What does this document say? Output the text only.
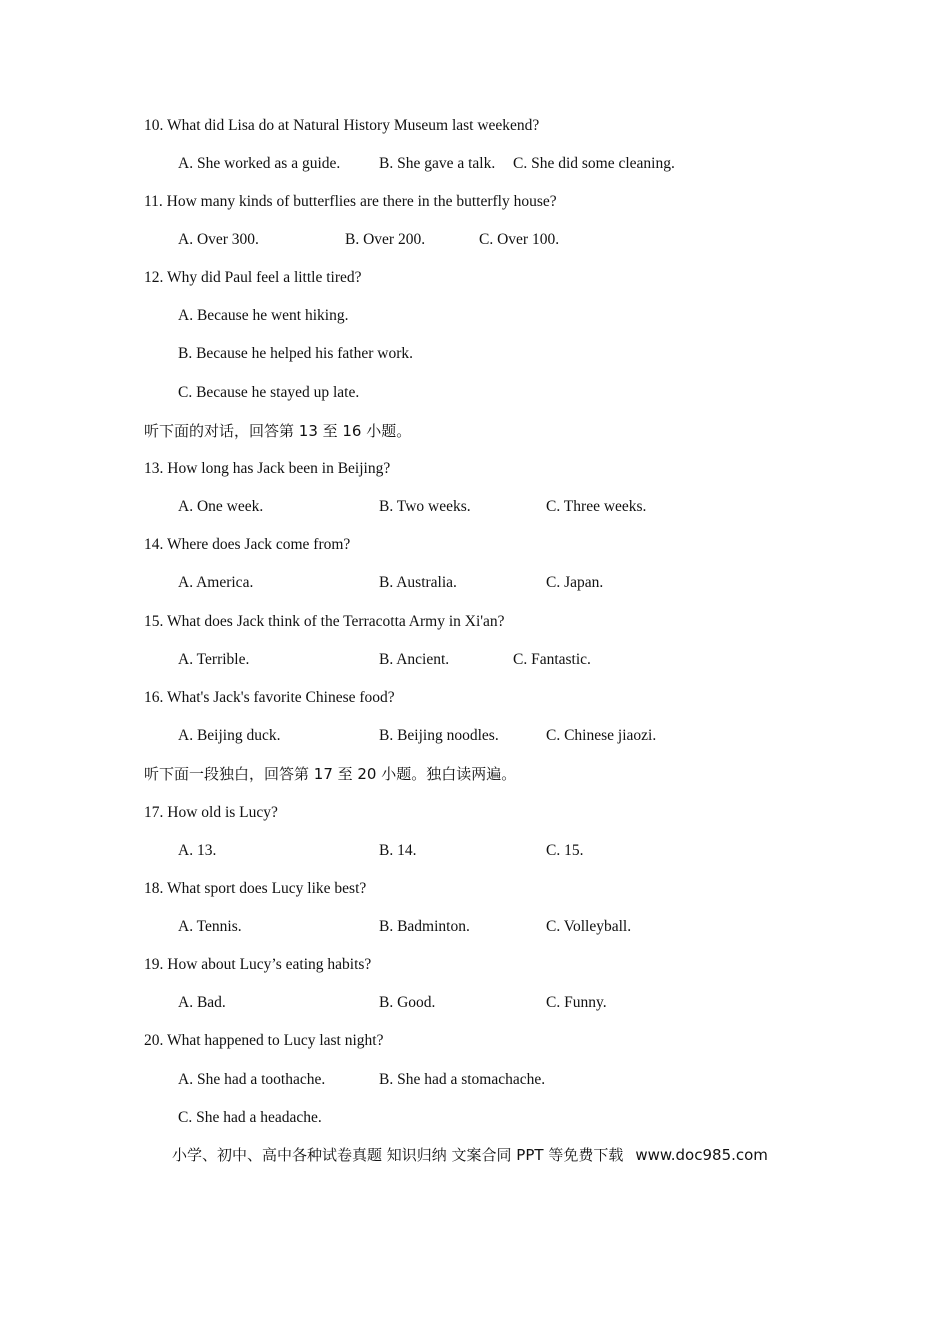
10. What did Lisa do at Natural History Museum last weekend?
A. She worked as a guide. B. She gave a talk. C. She did some cleaning.
11. How many kinds of butterflies are there in the butterfly house?
A. Over 300.	B. Over 200.	C. Over 100.
12. Why did Paul feel a little tired?
A. Because he went hiking.
B. Because he helped his father work.
C. Because he stayed up late.
听下面的对话，回答第 13 至 16 小题。
13. How long has Jack been in Beijing?
A. One week.	B. Two weeks.	C. Three weeks.
14. Where does Jack come from?
A. America.	B. Australia.	C. Japan.
15. What does Jack think of the Terracotta Army in Xi'an?
A. Terrible.	B. Ancient.	C. Fantastic.
16. What's Jack's favorite Chinese food?
A. Beijing duck.	B. Beijing noodles.	C. Chinese jiaozi.
听下面一段独白，回答第 17 至 20 小题。独白读两遍。
17. How old is Lucy?
A. 13.	B. 14.	C. 15.
18. What sport does Lucy like best?
A. Tennis.	B. Badminton.	C. Volleyball.
19. How about Lucy’s eating habits?
A. Bad.	B. Good.	C. Funny.
20. What happened to Lucy last night?
A. She had a toothache.	B. She had a stomachache.
C. She had a headache.
小学、初中、高中各种试卷真题 知识归纳 文案合同 PPT 等免费下载 www.doc985.com
